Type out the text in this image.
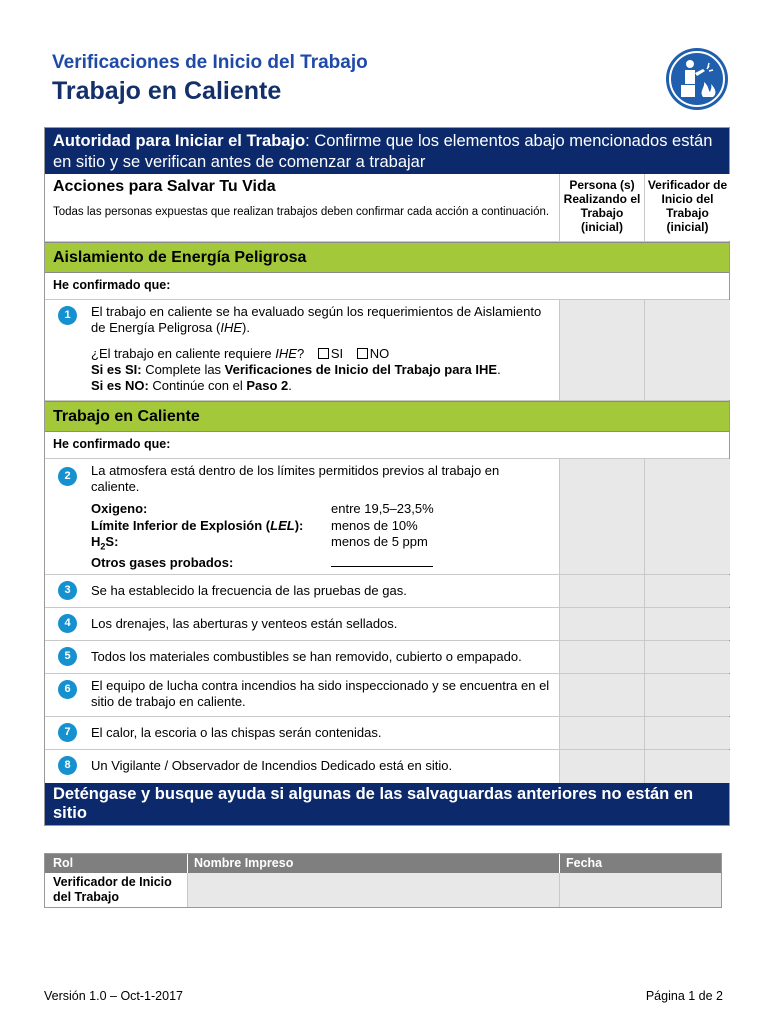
Verificaciones de Inicio del Trabajo
Trabajo en Caliente
Autoridad para Iniciar el Trabajo: Confirme que los elementos abajo mencionados están en sitio y se verifican antes de comenzar a trabajar
Acciones para Salvar Tu Vida
Todas las personas expuestas que realizan trabajos deben confirmar cada acción a continuación.
Persona (s) Realizando el Trabajo (inicial)
Verificador de Inicio del Trabajo (inicial)
Aislamiento de Energía Peligrosa
He confirmado que:
1	El trabajo en caliente se ha evaluado según los requerimientos de Aislamiento de Energía Peligrosa (IHE).
¿El trabajo en caliente requiere IHE? SI NO
Si es SI: Complete las Verificaciones de Inicio del Trabajo para IHE.
Si es NO: Continúe con el Paso 2.
Trabajo en Caliente
He confirmado que:
2	La atmosfera está dentro de los límites permitidos previos al trabajo en caliente.
Oxigeno:	entre 19,5–23,5%
Límite Inferior de Explosión (LEL):	menos de 10%
$H_2S$:	menos de 5 ppm
Otros gases probados:
3	Se ha establecido la frecuencia de las pruebas de gas.
4	Los drenajes, las aberturas y venteos están sellados.
5	Todos los materiales combustibles se han removido, cubierto o empapado.
6	El equipo de lucha contra incendios ha sido inspeccionado y se encuentra en el sitio de trabajo en caliente.
7	El calor, la escoria o las chispas serán contenidas.
8	Un Vigilante / Observador de Incendios Dedicado está en sitio.
Deténgase y busque ayuda si algunas de las salvaguardas anteriores no están en sitio
Rol	Nombre Impreso	Fecha
Verificador de Inicio del Trabajo
Versión 1.0 – Oct-1-2017	Página 1 de 2
